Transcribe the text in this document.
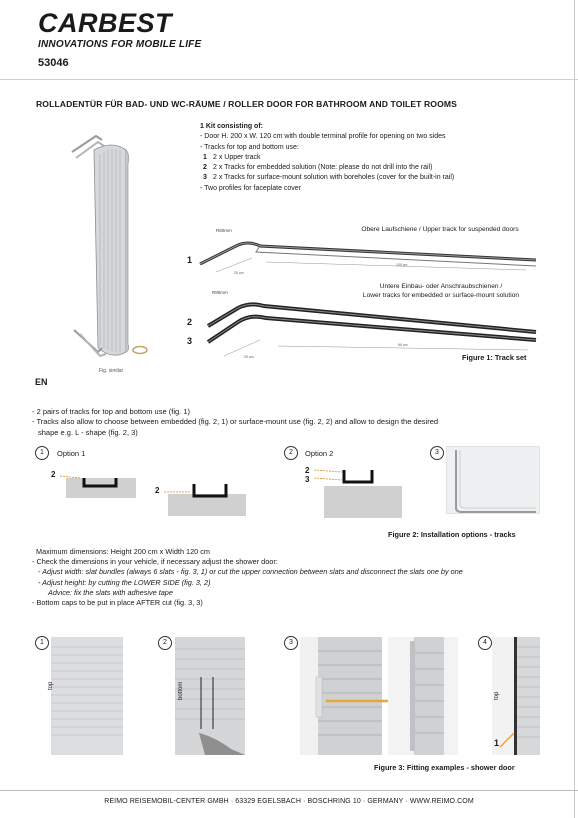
CARBEST
INNOVATIONS FOR MOBILE LIFE
53046
ROLLADENTÜR FÜR BAD- UND WC-RÄUME / ROLLER DOOR FOR BATHROOM AND TOILET ROOMS
Fig. similar
1 Kit consisting of:
- Door H. 200 x W. 120 cm with double terminal profile for opening on two sides
- Tracks for top and bottom use:
1 2 x Upper track
2 2 x Tracks for embedded solution (Note: please do not drill into the rail)
3 2 x Tracks for surface-mount solution with boreholes (cover for the built-in rail)
- Two profiles for faceplate cover
Obere Laufschiene / Upper track for suspended doors
R80mm
20 cm
100 cm
1
Untere Einbau- oder Anschraubschienen /
Lower tracks for embedded or surface-mount solution
R80mm
20 cm
90 cm
2
3
Figure 1: Track set
EN
- 2 pairs of tracks for top and bottom use (fig. 1)
- Tracks also allow to choose between embedded (fig. 2, 1) or surface-mount use (fig. 2, 2) and allow to design the desired
shape e.g. L - shape (fig. 2, 3)
1	Option 1
2
2
2	Option 2
2
3
3
Figure 2: Installation options - tracks
Maximum dimensions: Height 200 cm x Width 120 cm
- Check the dimensions in your vehicle, if necessary adjust the shower door:
- Adjust width: slat bundles (always 6 slats - fig. 3, 1) or cut the upper connection between slats and disconnect the slats one by one
- Adjust height: by cutting the LOWER SIDE (fig. 3, 2)
Advice: fix the slats with adhesive tape
- Bottom caps to be put in place AFTER cut (fig. 3, 3)
1
top
2
bottom
3	4
top
1
Figure 3: Fitting examples - shower door
REIMO REISEMOBIL-CENTER GMBH · 63329 EGELSBACH · BOSCHRING 10 · GERMANY · WWW.REIMO.COM
